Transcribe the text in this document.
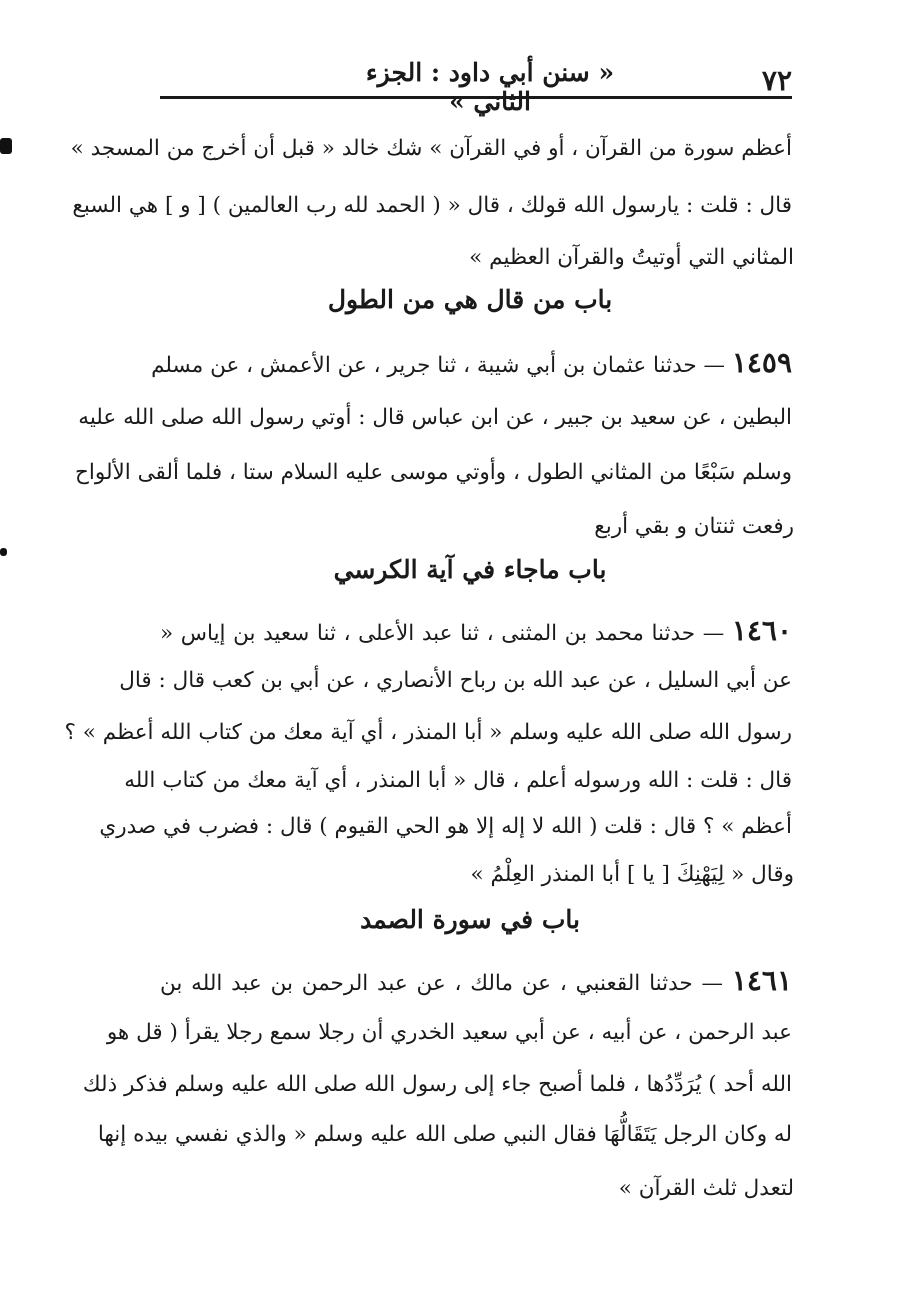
٧٢
« سنن أبي داود : الجزء الثاني »
أعظم سورة من القرآن ، أو في القرآن » شك خالد « قبل أن أخرج من المسجد »
قال : قلت : يارسول الله قولك ، قال « ( الحمد لله رب العالمين ) [ و ] هي السبع
المثاني التي أوتيتُ والقرآن العظيم »
باب من قال هي من الطول
١٤٥٩ — حدثنا عثمان بن أبي شيبة ، ثنا جرير ، عن الأعمش ، عن مسلم
البطين ، عن سعيد بن جبير ، عن ابن عباس قال : أوتي رسول الله صلى الله عليه
وسلم سَبْعًا من المثاني الطول ، وأوتي موسى عليه السلام ستا ، فلما ألقى الألواح
رفعت ثنتان و بقي أربع
باب ماجاء في آية الكرسي
١٤٦٠ — حدثنا محمد بن المثنى ، ثنا عبد الأعلى ، ثنا سعيد بن إياس «
عن أبي السليل ، عن عبد الله بن رباح الأنصاري ، عن أبي بن كعب قال : قال
رسول الله صلى الله عليه وسلم « أبا المنذر ، أي آية معك من كتاب الله أعظم » ؟
قال : قلت : الله ورسوله أعلم ، قال « أبا المنذر ، أي آية معك من كتاب الله
أعظم » ؟ قال : قلت ( الله لا إله إلا هو الحي القيوم ) قال : فضرب في صدري
وقال « لِيَهْنِكَ [ يا ] أبا المنذر العِلْمُ »
باب في سورة الصمد
١٤٦١ — حدثنا القعنبي ، عن مالك ، عن عبد الرحمن بن عبد الله بن
عبد الرحمن ، عن أبيه ، عن أبي سعيد الخدري أن رجلا سمع رجلا يقرأ ( قل هو
الله أحد ) يُرَدِّدُها ، فلما أصبح جاء إلى رسول الله صلى الله عليه وسلم فذكر ذلك
له وكان الرجل يَتَقَالُّهَا فقال النبي صلى الله عليه وسلم « والذي نفسي بيده إنها
لتعدل ثلث القرآن »
